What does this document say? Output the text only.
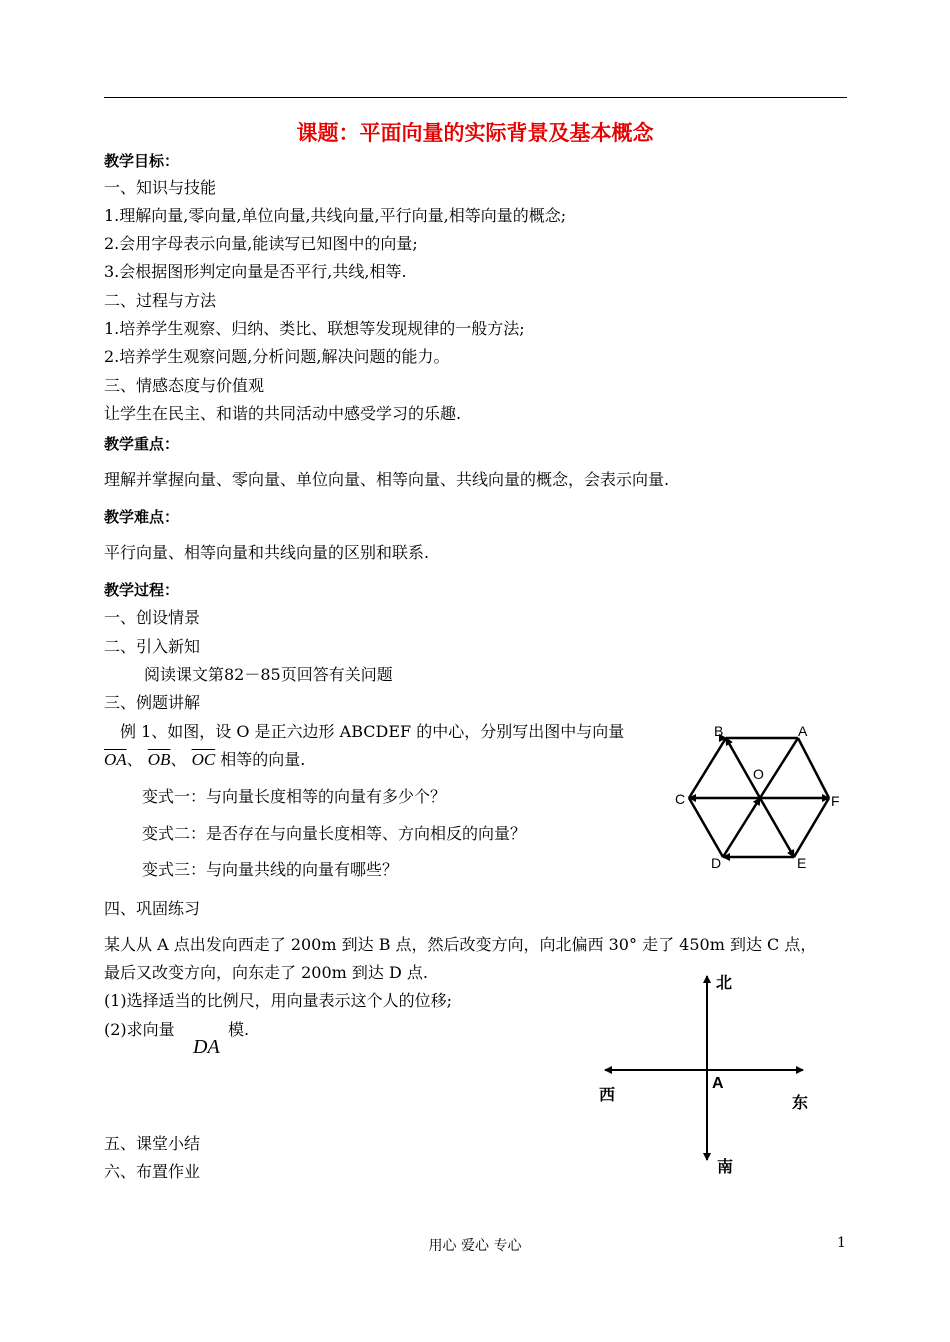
课题：平面向量的实际背景及基本概念
教学目标：
一、知识与技能
1.理解向量,零向量,单位向量,共线向量,平行向量,相等向量的概念;
2.会用字母表示向量,能读写已知图中的向量;
3.会根据图形判定向量是否平行,共线,相等.
二、过程与方法
1.培养学生观察、归纳、类比、联想等发现规律的一般方法;
2.培养学生观察问题,分析问题,解决问题的能力。
三、情感态度与价值观
让学生在民主、和谐的共同活动中感受学习的乐趣.
教学重点：
理解并掌握向量、零向量、单位向量、相等向量、共线向量的概念，会表示向量.
教学难点：
平行向量、相等向量和共线向量的区别和联系.
教学过程：
一、创设情景
二、引入新知
阅读课文第82－85页回答有关问题
三、例题讲解
例 1、如图，设 O 是正六边形 ABCDEF 的中心，分别写出图中与向量
$\overline{OA}$、 $\overline{OB}$、 $\overline{OC}$ 相等的向量.
变式一：与向量长度相等的向量有多少个？
变式二：是否存在与向量长度相等、方向相反的向量？
变式三：与向量共线的向量有哪些？
B	A
C	F
D	E
O
四、巩固练习
某人从 A 点出发向西走了 200m 到达 B 点，然后改变方向，向北偏西 30° 走了 450m 到达 C 点，
最后又改变方向，向东走了 200m 到达 D 点.
(1)选择适当的比例尺，用向量表示这个人的位移;
(2)求向量
DA
模.
北
南
西	东
A
五、课堂小结
六、布置作业
用心 爱心 专心	1
